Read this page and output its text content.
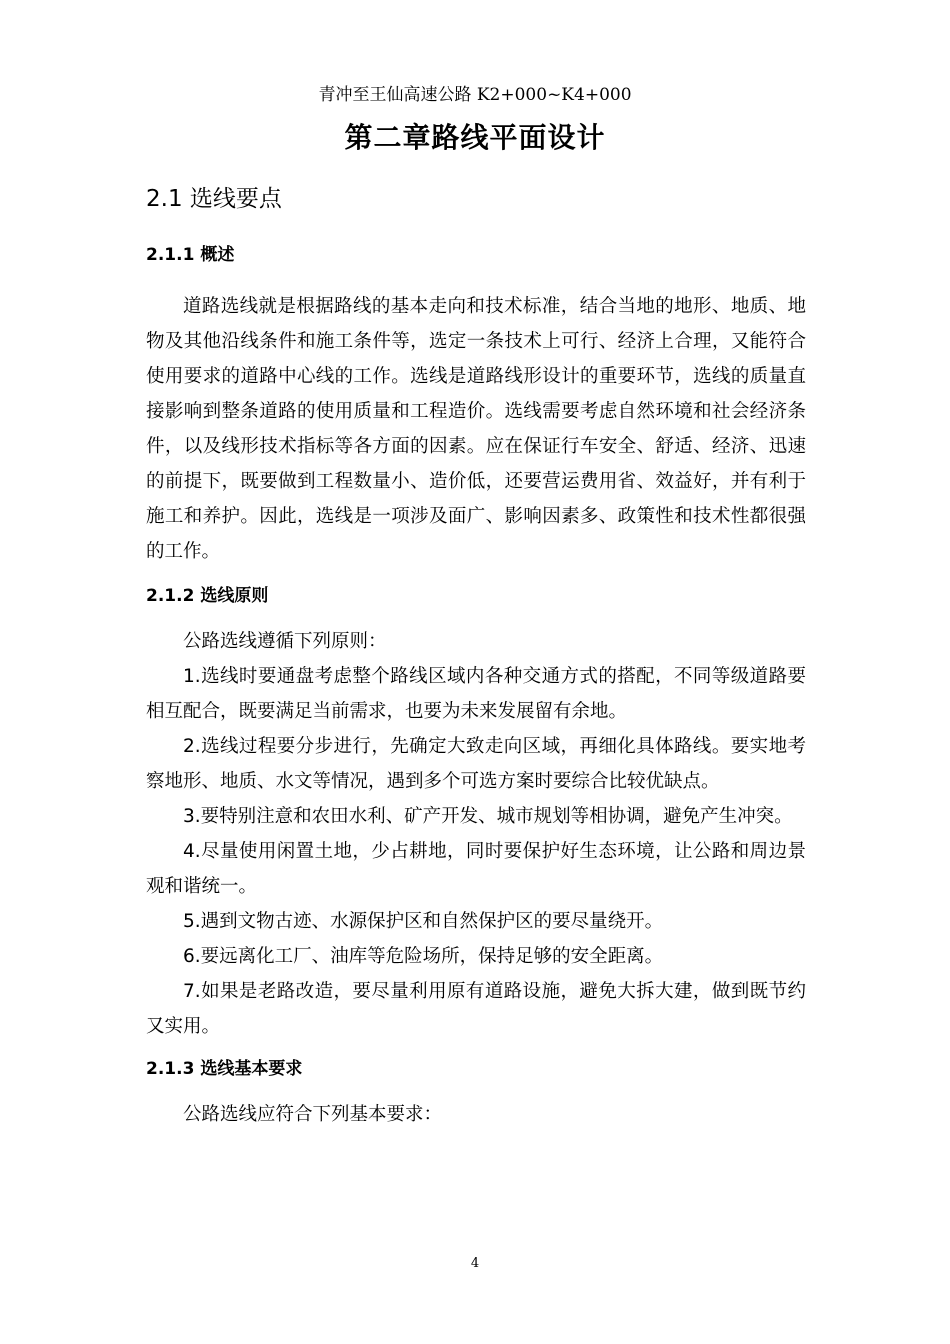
青冲至王仙高速公路 K2+000~K4+000
第二章路线平面设计
2.1 选线要点
2.1.1 概述

道路选线就是根据路线的基本走向和技术标准，结合当地的地形、地质、地物及其他沿线条件和施工条件等，选定一条技术上可行、经济上合理，又能符合使用要求的道路中心线的工作。选线是道路线形设计的重要环节，选线的质量直接影响到整条道路的使用质量和工程造价。选线需要考虑自然环境和社会经济条件，以及线形技术指标等各方面的因素。应在保证行车安全、舒适、经济、迅速的前提下，既要做到工程数量小、造价低，还要营运费用省、效益好，并有利于施工和养护。因此，选线是一项涉及面广、影响因素多、政策性和技术性都很强的工作。

2.1.2 选线原则

公路选线遵循下列原则：

1.选线时要通盘考虑整个路线区域内各种交通方式的搭配，不同等级道路要相互配合，既要满足当前需求，也要为未来发展留有余地。

2.选线过程要分步进行，先确定大致走向区域，再细化具体路线。要实地考察地形、地质、水文等情况，遇到多个可选方案时要综合比较优缺点。

3.要特别注意和农田水利、矿产开发、城市规划等相协调，避免产生冲突。

4.尽量使用闲置土地，少占耕地，同时要保护好生态环境，让公路和周边景观和谐统一。

5.遇到文物古迹、水源保护区和自然保护区的要尽量绕开。

6.要远离化工厂、油库等危险场所，保持足够的安全距离。

7.如果是老路改造，要尽量利用原有道路设施，避免大拆大建，做到既节约又实用。

2.1.3 选线基本要求

公路选线应符合下列基本要求：

4
